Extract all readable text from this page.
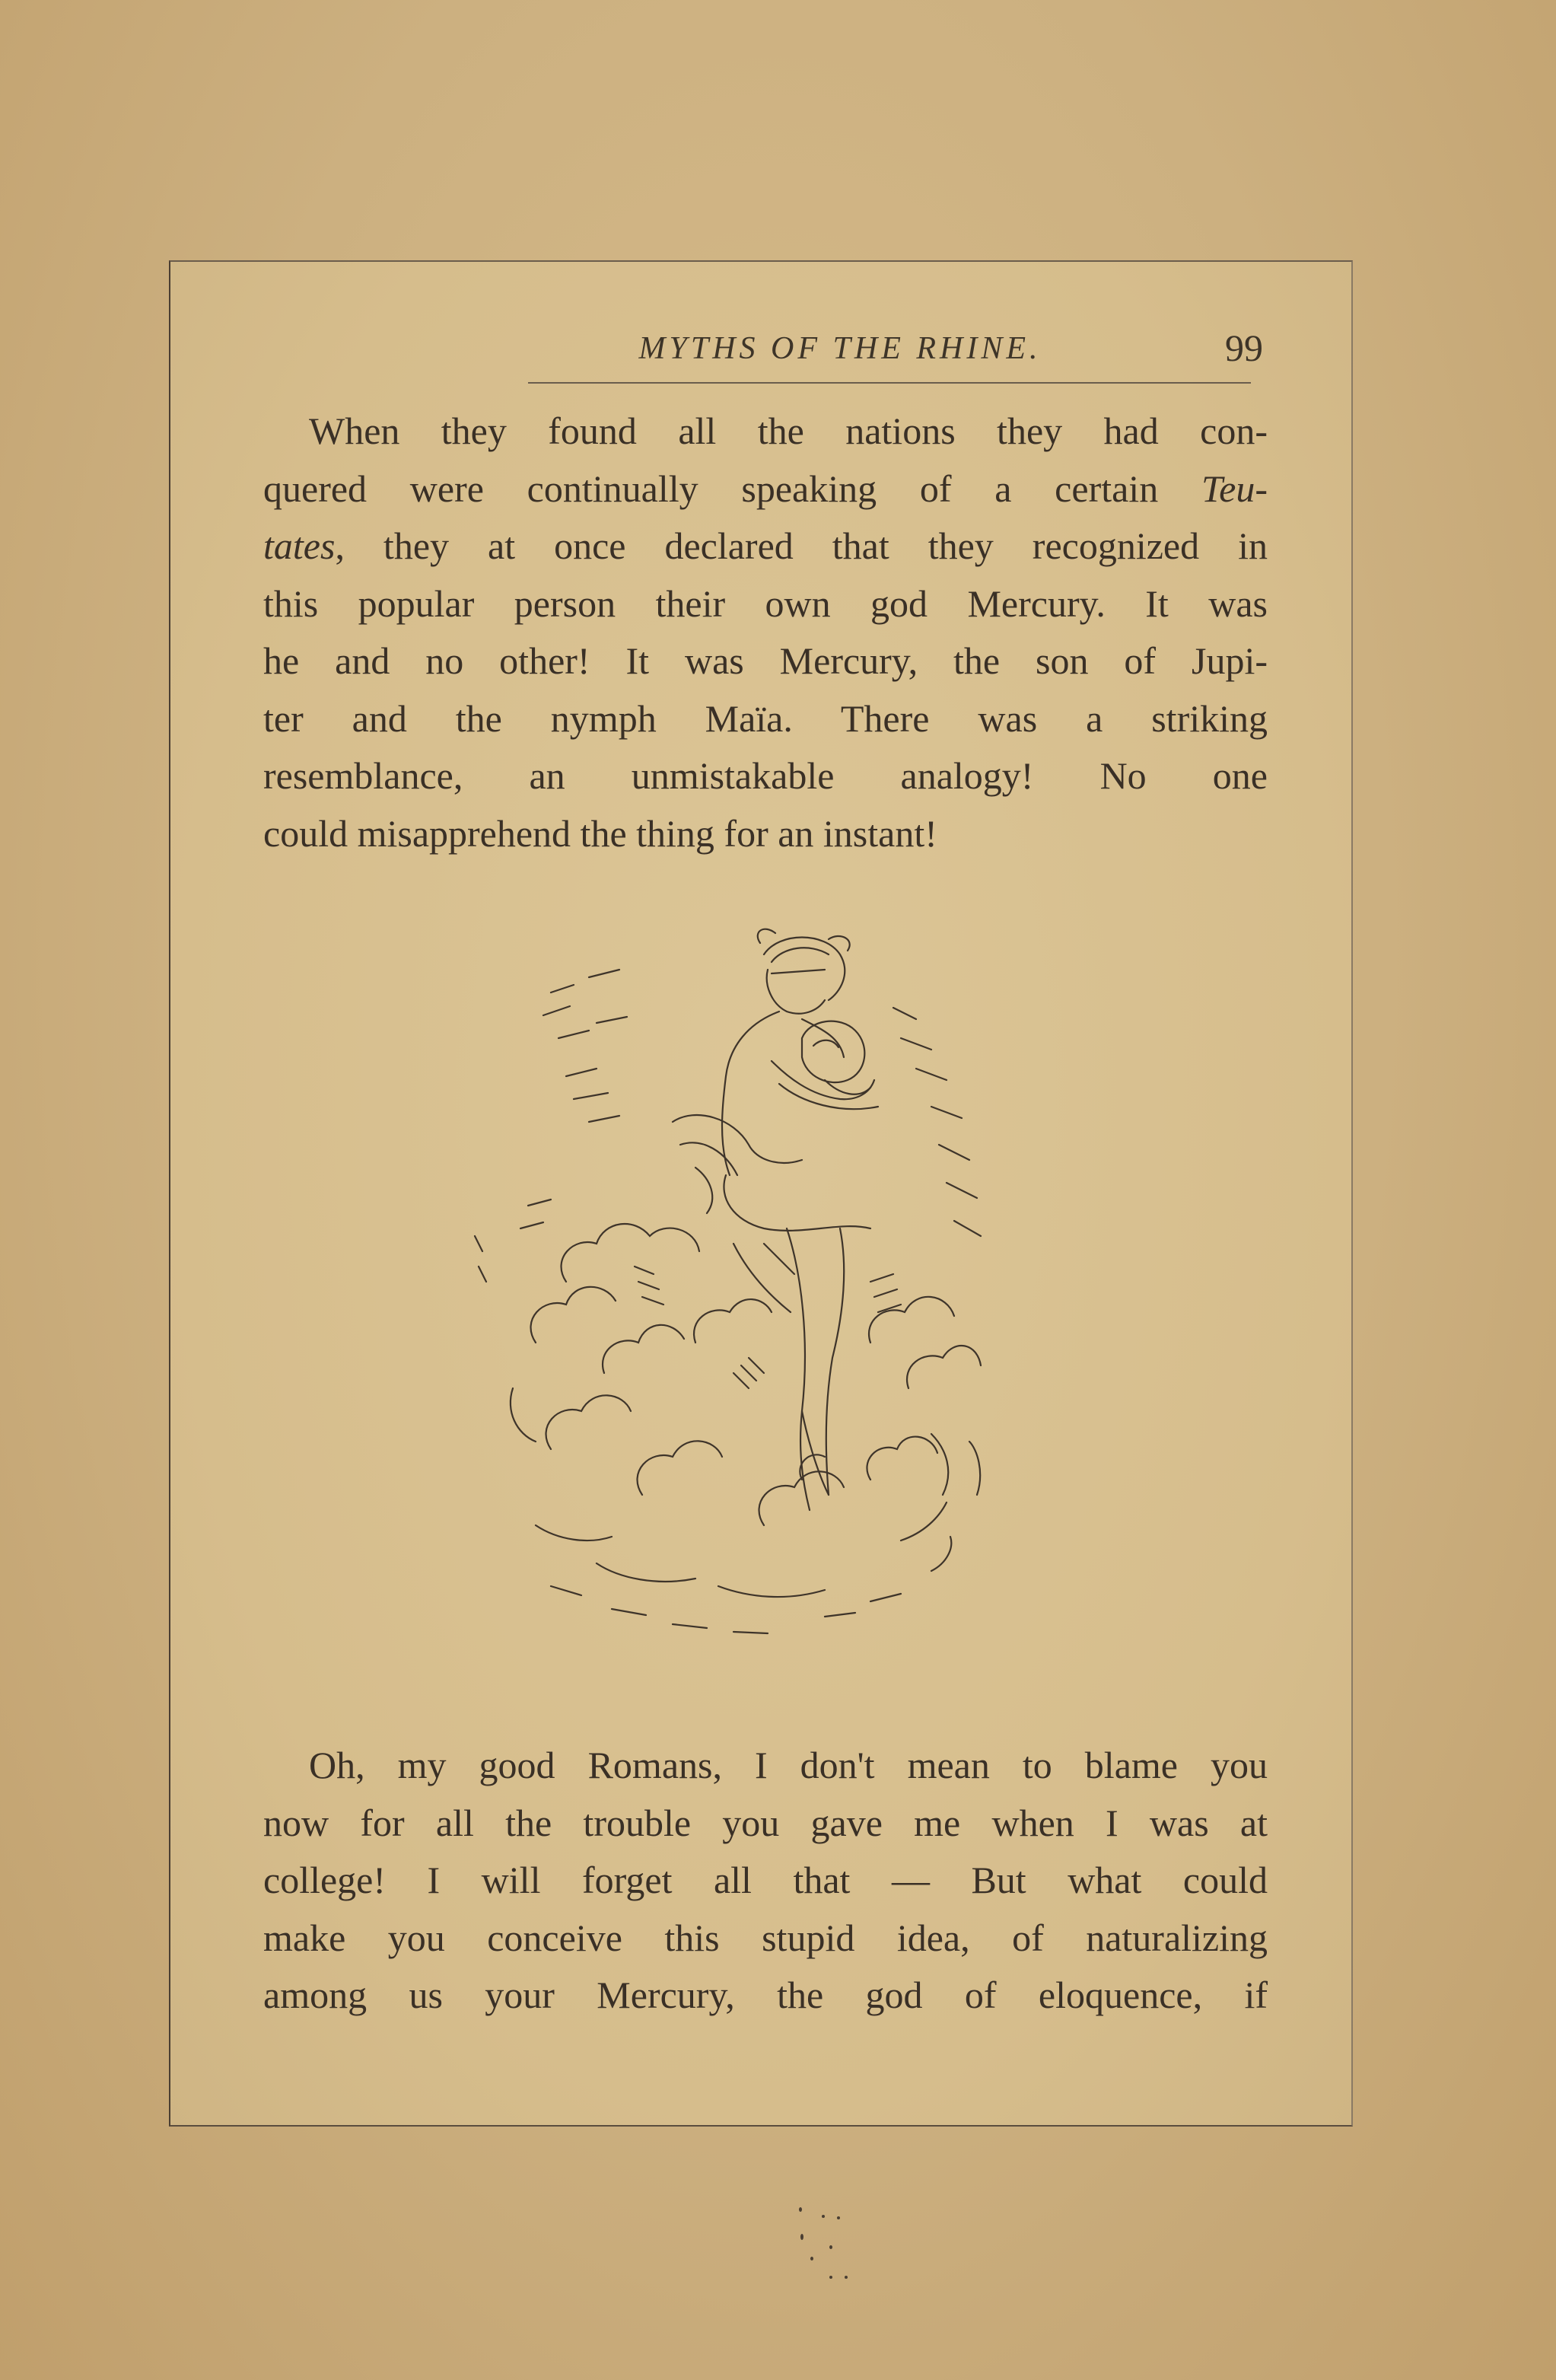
MYTHS OF THE RHINE.	99
When they found all the nations they had con-
quered were continually speaking of a certain Teu-
tates, they at once declared that they recognized in
this popular person their own god Mercury. It was
he and no other! It was Mercury, the son of Jupi-
ter and the nymph Maïa. There was a striking
resemblance, an unmistakable analogy! No one
could misapprehend the thing for an instant!
Oh, my good Romans, I don't mean to blame you
now for all the trouble you gave me when I was at
college! I will forget all that — But what could
make you conceive this stupid idea, of naturalizing
among us your Mercury, the god of eloquence, if
